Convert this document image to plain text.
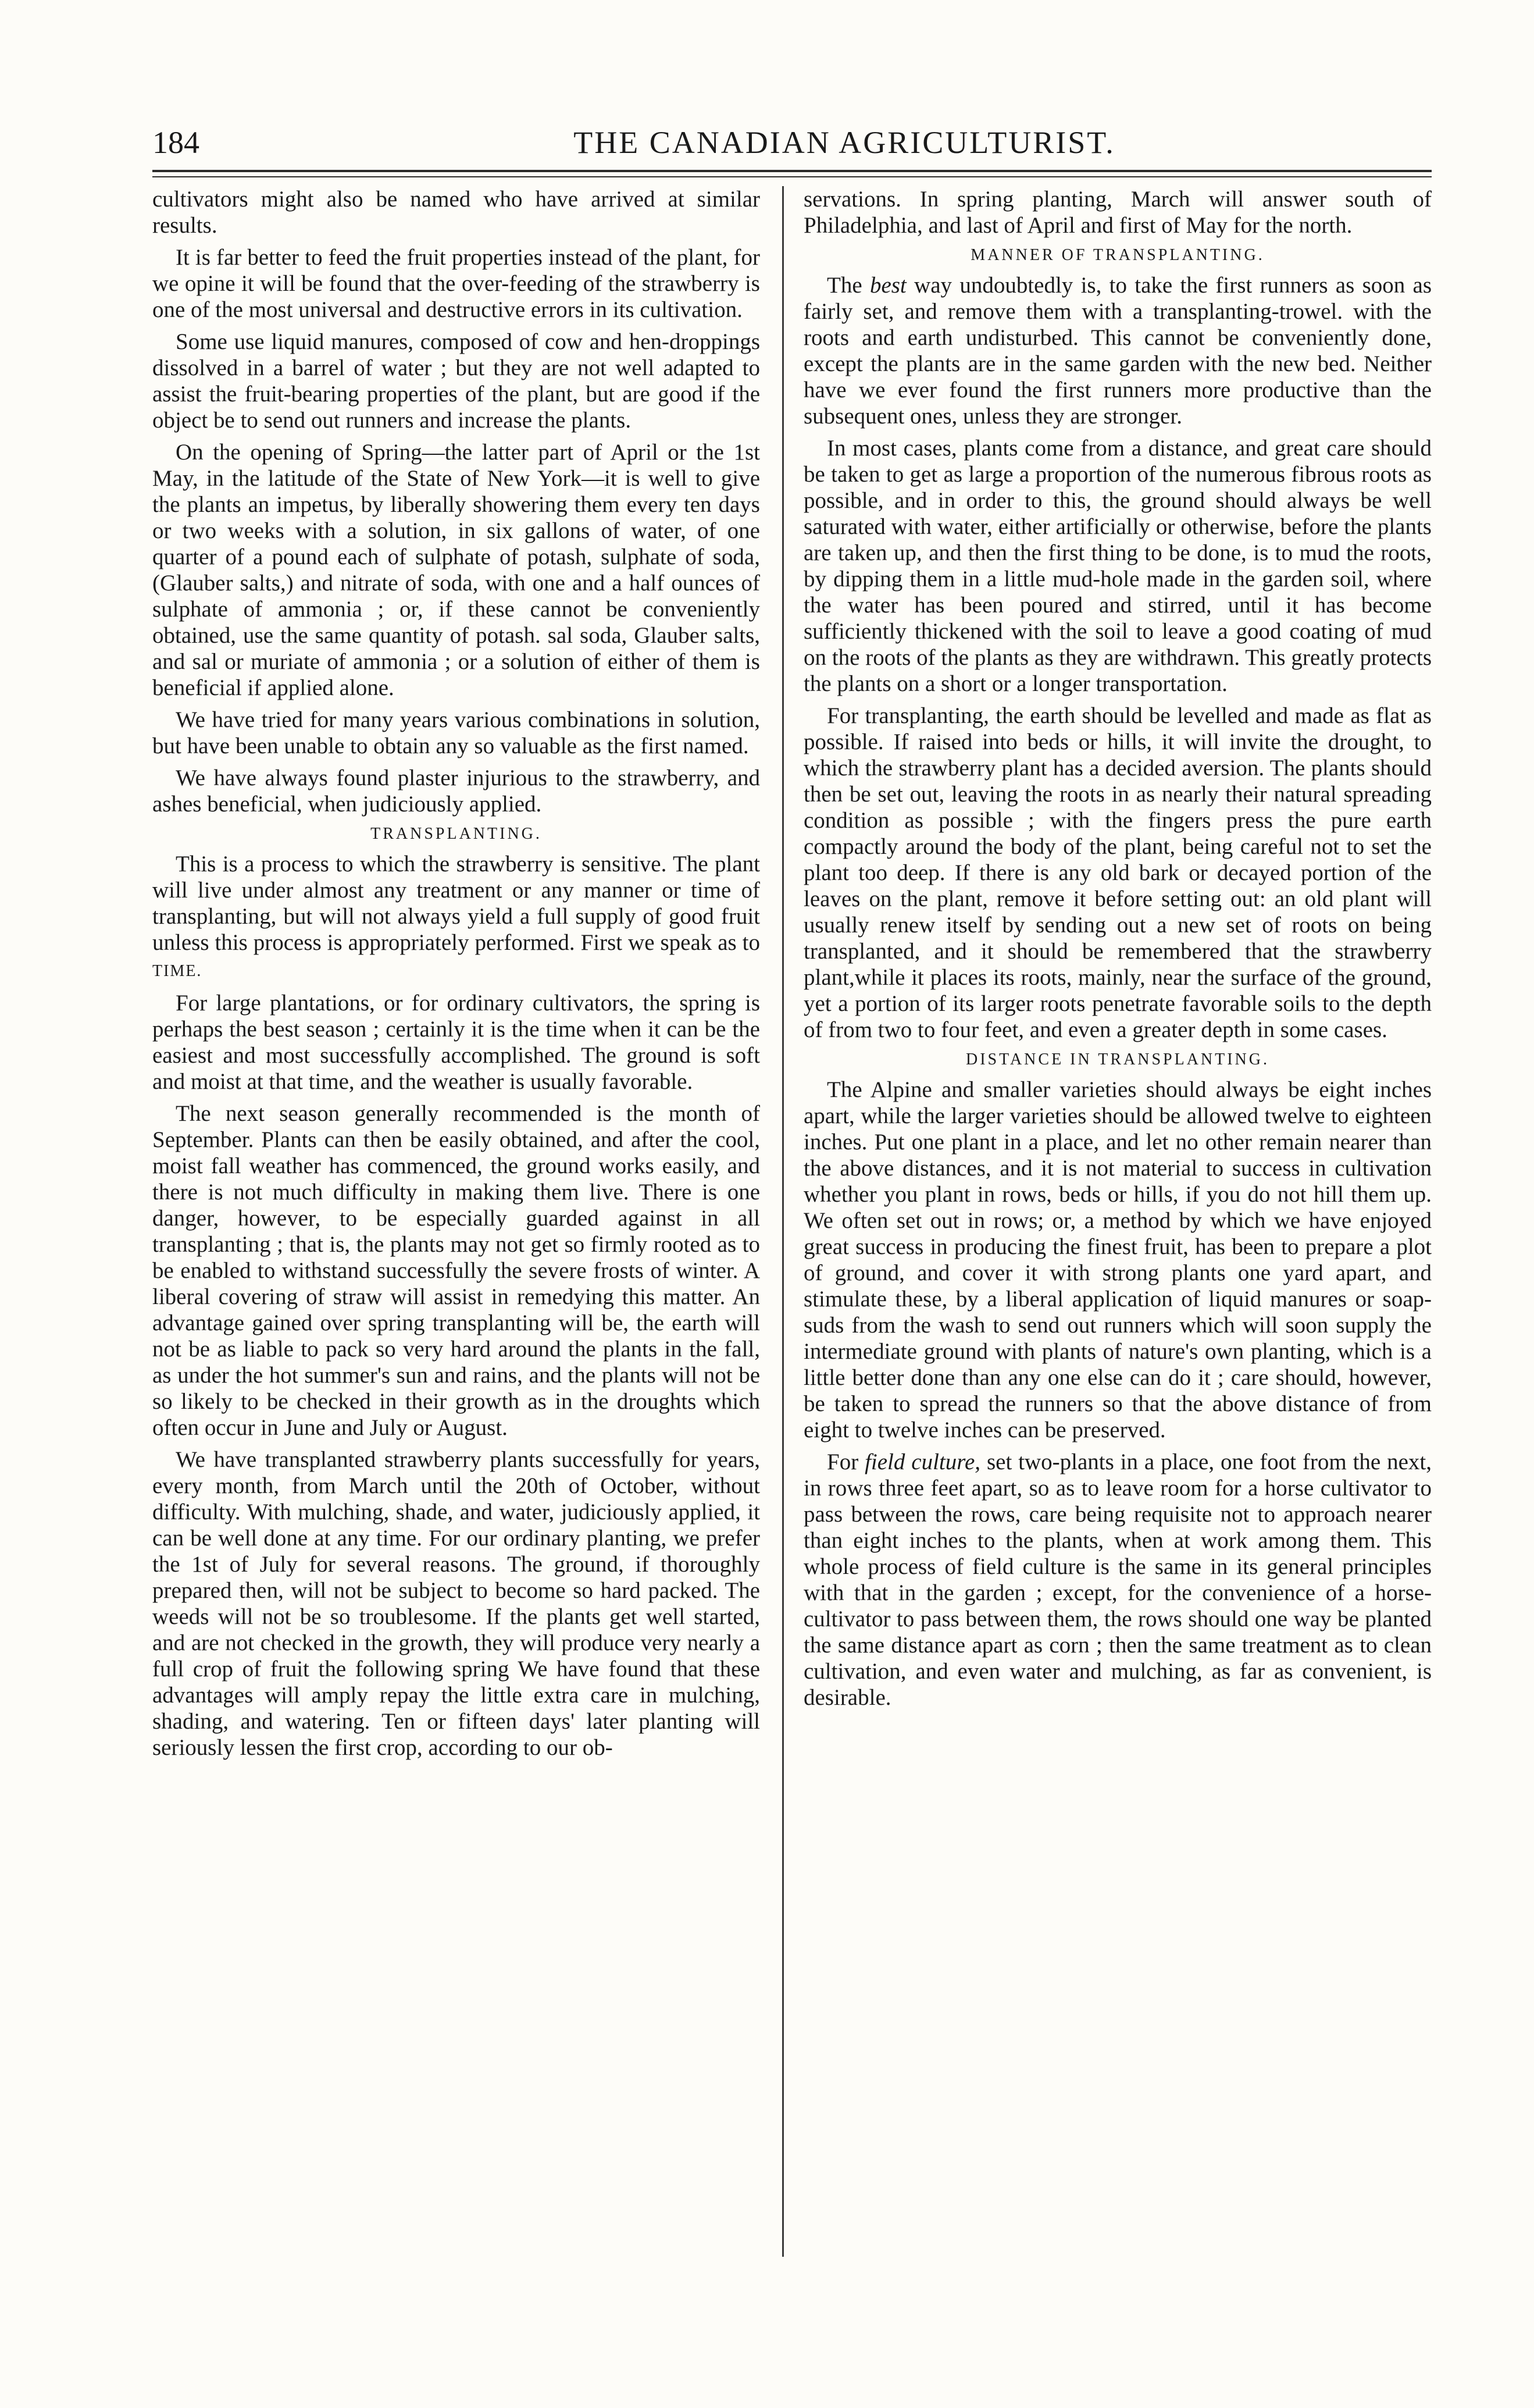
184	THE CANADIAN AGRICULTURIST.

cultivators might also be named who have arrived at similar results.

It is far better to feed the fruit properties instead of the plant, for we opine it will be found that the over-feeding of the strawberry is one of the most universal and destructive errors in its cultivation.

Some use liquid manures, composed of cow and hen-droppings dissolved in a barrel of water ; but they are not well adapted to assist the fruit-bearing properties of the plant, but are good if the object be to send out runners and increase the plants.

On the opening of Spring—the latter part of April or the 1st May, in the latitude of the State of New York—it is well to give the plants an impetus, by liberally showering them every ten days or two weeks with a solution, in six gallons of water, of one quarter of a pound each of sulphate of potash, sulphate of soda, (Glauber salts,) and nitrate of soda, with one and a half ounces of sulphate of ammonia ; or, if these cannot be conveniently obtained, use the same quantity of potash. sal soda, Glauber salts, and sal or muriate of ammonia ; or a solution of either of them is beneficial if applied alone.

We have tried for many years various combinations in solution, but have been unable to obtain any so valuable as the first named.

We have always found plaster injurious to the strawberry, and ashes beneficial, when judiciously applied.

TRANSPLANTING.

This is a process to which the strawberry is sensitive. The plant will live under almost any treatment or any manner or time of transplanting, but will not always yield a full supply of good fruit unless this process is appropriately performed. First we speak as to TIME.

For large plantations, or for ordinary cultivators, the spring is perhaps the best season ; certainly it is the time when it can be the easiest and most successfully accomplished. The ground is soft and moist at that time, and the weather is usually favorable.

The next season generally recommended is the month of September. Plants can then be easily obtained, and after the cool, moist fall weather has commenced, the ground works easily, and there is not much difficulty in making them live. There is one danger, however, to be especially guarded against in all transplanting ; that is, the plants may not get so firmly rooted as to be enabled to withstand successfully the severe frosts of winter. A liberal covering of straw will assist in remedying this matter. An advantage gained over spring transplanting will be, the earth will not be as liable to pack so very hard around the plants in the fall, as under the hot summer's sun and rains, and the plants will not be so likely to be checked in their growth as in the droughts which often occur in June and July or August.

We have transplanted strawberry plants successfully for years, every month, from March until the 20th of October, without difficulty. With mulching, shade, and water, judiciously applied, it can be well done at any time. For our ordinary planting, we prefer the 1st of July for several reasons. The ground, if thoroughly prepared then, will not be subject to become so hard packed. The weeds will not be so troublesome. If the plants get well started, and are not checked in the growth, they will produce very nearly a full crop of fruit the following spring We have found that these advantages will amply repay the little extra care in mulching, shading, and watering. Ten or fifteen days' later planting will seriously lessen the first crop, according to our ob-

servations. In spring planting, March will answer south of Philadelphia, and last of April and first of May for the north.

MANNER OF TRANSPLANTING.

The best way undoubtedly is, to take the first runners as soon as fairly set, and remove them with a transplanting-trowel. with the roots and earth undisturbed. This cannot be conveniently done, except the plants are in the same garden with the new bed. Neither have we ever found the first runners more productive than the subsequent ones, unless they are stronger.

In most cases, plants come from a distance, and great care should be taken to get as large a proportion of the numerous fibrous roots as possible, and in order to this, the ground should always be well saturated with water, either artificially or otherwise, before the plants are taken up, and then the first thing to be done, is to mud the roots, by dipping them in a little mud-hole made in the garden soil, where the water has been poured and stirred, until it has become sufficiently thickened with the soil to leave a good coating of mud on the roots of the plants as they are withdrawn. This greatly protects the plants on a short or a longer transportation.

For transplanting, the earth should be levelled and made as flat as possible. If raised into beds or hills, it will invite the drought, to which the strawberry plant has a decided aversion. The plants should then be set out, leaving the roots in as nearly their natural spreading condition as possible ; with the fingers press the pure earth compactly around the body of the plant, being careful not to set the plant too deep. If there is any old bark or decayed portion of the leaves on the plant, remove it before setting out: an old plant will usually renew itself by sending out a new set of roots on being transplanted, and it should be remembered that the strawberry plant,while it places its roots, mainly, near the surface of the ground, yet a portion of its larger roots penetrate favorable soils to the depth of from two to four feet, and even a greater depth in some cases.

DISTANCE IN TRANSPLANTING.

The Alpine and smaller varieties should always be eight inches apart, while the larger varieties should be allowed twelve to eighteen inches. Put one plant in a place, and let no other remain nearer than the above distances, and it is not material to success in cultivation whether you plant in rows, beds or hills, if you do not hill them up. We often set out in rows; or, a method by which we have enjoyed great success in producing the finest fruit, has been to prepare a plot of ground, and cover it with strong plants one yard apart, and stimulate these, by a liberal application of liquid manures or soap-suds from the wash to send out runners which will soon supply the intermediate ground with plants of nature's own planting, which is a little better done than any one else can do it ; care should, however, be taken to spread the runners so that the above distance of from eight to twelve inches can be preserved.

For field culture, set two-plants in a place, one foot from the next, in rows three feet apart, so as to leave room for a horse cultivator to pass between the rows, care being requisite not to approach nearer than eight inches to the plants, when at work among them. This whole process of field culture is the same in its general principles with that in the garden ; except, for the convenience of a horse-cultivator to pass between them, the rows should one way be planted the same distance apart as corn ; then the same treatment as to clean cultivation, and even water and mulching, as far as convenient, is desirable.
